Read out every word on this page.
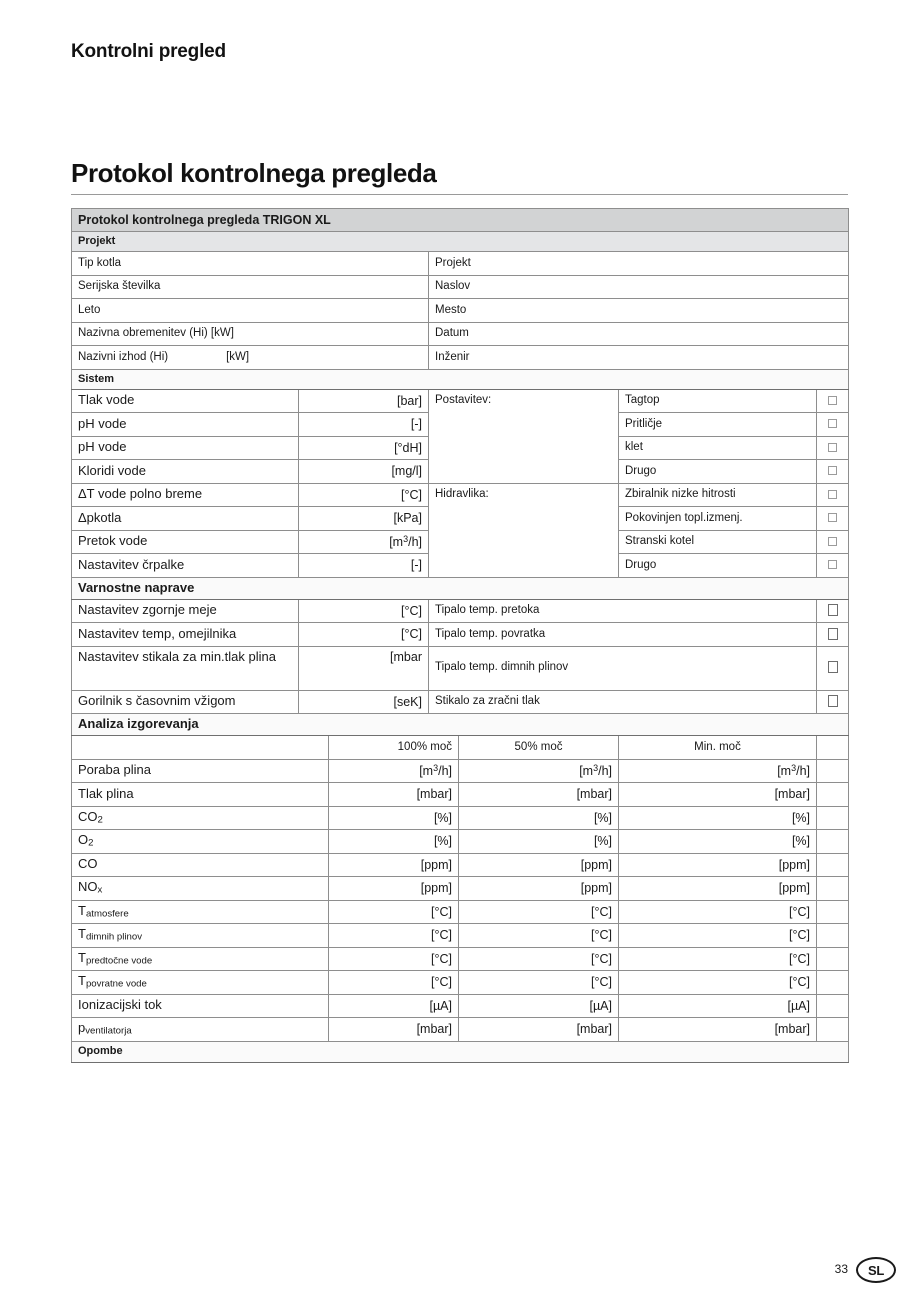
Kontrolni pregled
Protokol kontrolnega pregleda
Protokol kontrolnega pregleda TRIGON XL						
Projekt						
Tip kotla			Projekt			
Serijska številka			Naslov			
Leto			Mesto			
Nazivna obremenitev (Hi) [kW]			Datum			
Nazivni izhod (Hi) [kW]			Inženir			
Sistem						
Tlak vode	[bar]		Postavitev:		Tagtop	
pH vode	[-]				Pritličje	
pH vode	[°dH]				klet	
Kloridi vode	[mg/l]				Drugo	
ΔT vode polno breme	[°C]		Hidravlika:		Zbiralnik nizke hitrosti	
Δpkotla	[kPa]				Pokovinjen topl.izmenj.	
Pretok vode	$[m^3/h]$				Stranski kotel	
Nastavitev črpalke	[-]				Drugo	
Varnostne naprave						
Nastavitev zgornje meje	[°C]		Tipalo temp. pretoka			
Nastavitev temp, omejilnika	[°C]		Tipalo temp. povratka			
Nastavitev stikala za min.tlak plina	[mbar		Tipalo temp. dimnih plinov			
Gorilnik s časovnim vžigom	[seK]		Stikalo za zračni tlak			
Analiza izgorevanja						
		100% moč		50% moč	Min. moč	
Poraba plina		$[m^3/h]$		$[m^3/h]$	$[m^3/h]$	
Tlak plina		[mbar]		[mbar]	[mbar]	
CO2		[%]		[%]	[%]	
O2		[%]		[%]	[%]	
CO		[ppm]		[ppm]	[ppm]	
NOx		[ppm]		[ppm]	[ppm]	
Tatmosfere		[°C]		[°C]	[°C]	
Tdimnih plinov		[°C]		[°C]	[°C]	
Tpredtočne vode		[°C]		[°C]	[°C]	
Tpovratne vode		[°C]		[°C]	[°C]	
Ionizacijski tok		[µA]		[µA]	[µA]	
pventilatorja		[mbar]		[mbar]	[mbar]	
Opombe						
33	SL
